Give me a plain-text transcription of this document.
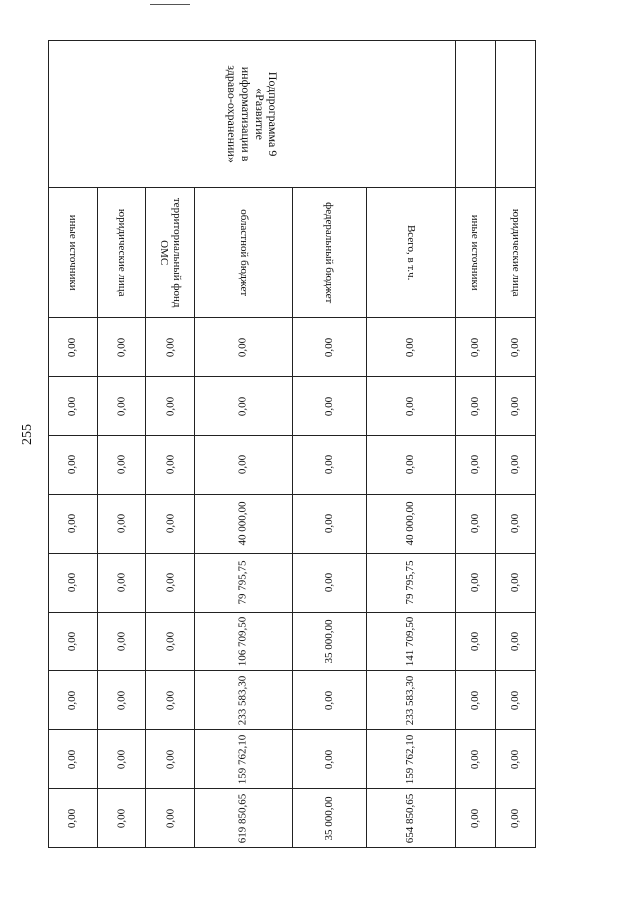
255
	юридические лица	0,00	0,00	0,00	0,00	0,00	0,00	0,00	0,00	0,00
	иные источники	0,00	0,00	0,00	0,00	0,00	0,00	0,00	0,00	0,00
Подпрограмма 9 «Развитие информатизации в здраво-охранении»	Всего, в т.ч.	0,00	0,00	0,00	40 000,00	79 795,75	141 709,50	233 583,30	159 762,10	654 850,65
	федеральный бюджет	0,00	0,00	0,00	0,00	0,00	35 000,00	0,00	0,00	35 000,00
	областной бюджет	0,00	0,00	0,00	40 000,00	79 795,75	106 709,50	233 583,30	159 762,10	619 850,65
	территориальный фонд ОМС	0,00	0,00	0,00	0,00	0,00	0,00	0,00	0,00	0,00
	юридические лица	0,00	0,00	0,00	0,00	0,00	0,00	0,00	0,00	0,00
	иные источники	0,00	0,00	0,00	0,00	0,00	0,00	0,00	0,00	0,00
